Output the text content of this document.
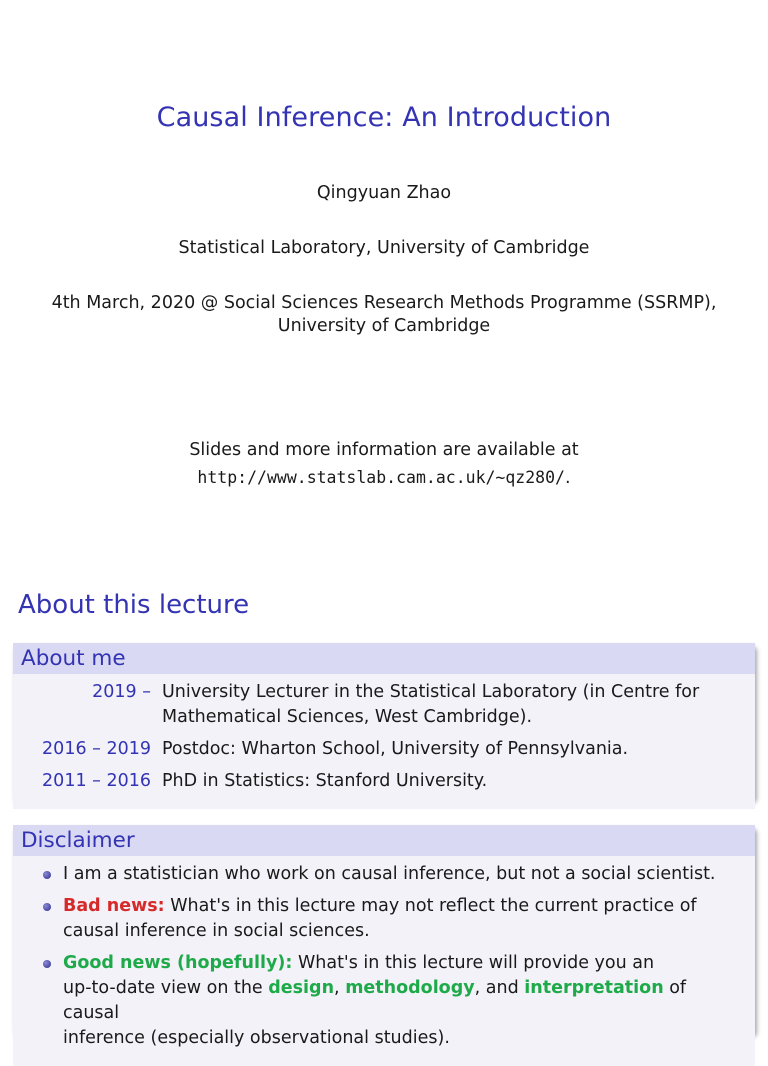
Causal Inference: An Introduction
Qingyuan Zhao
Statistical Laboratory, University of Cambridge
4th March, 2020 @ Social Sciences Research Methods Programme (SSRMP),
University of Cambridge
Slides and more information are available at
http://www.statslab.cam.ac.uk/~qz280/.
About this lecture
About me
2019 – University Lecturer in the Statistical Laboratory (in Centre for
Mathematical Sciences, West Cambridge).
2016 – 2019 Postdoc: Wharton School, University of Pennsylvania.
2011 – 2016 PhD in Statistics: Stanford University.
Disclaimer
I am a statistician who work on causal inference, but not a social scientist.
Bad news: What's in this lecture may not reflect the current practice of
causal inference in social sciences.
Good news (hopefully): What's in this lecture will provide you an
up-to-date view on the design, methodology, and interpretation of causal
inference (especially observational studies).
